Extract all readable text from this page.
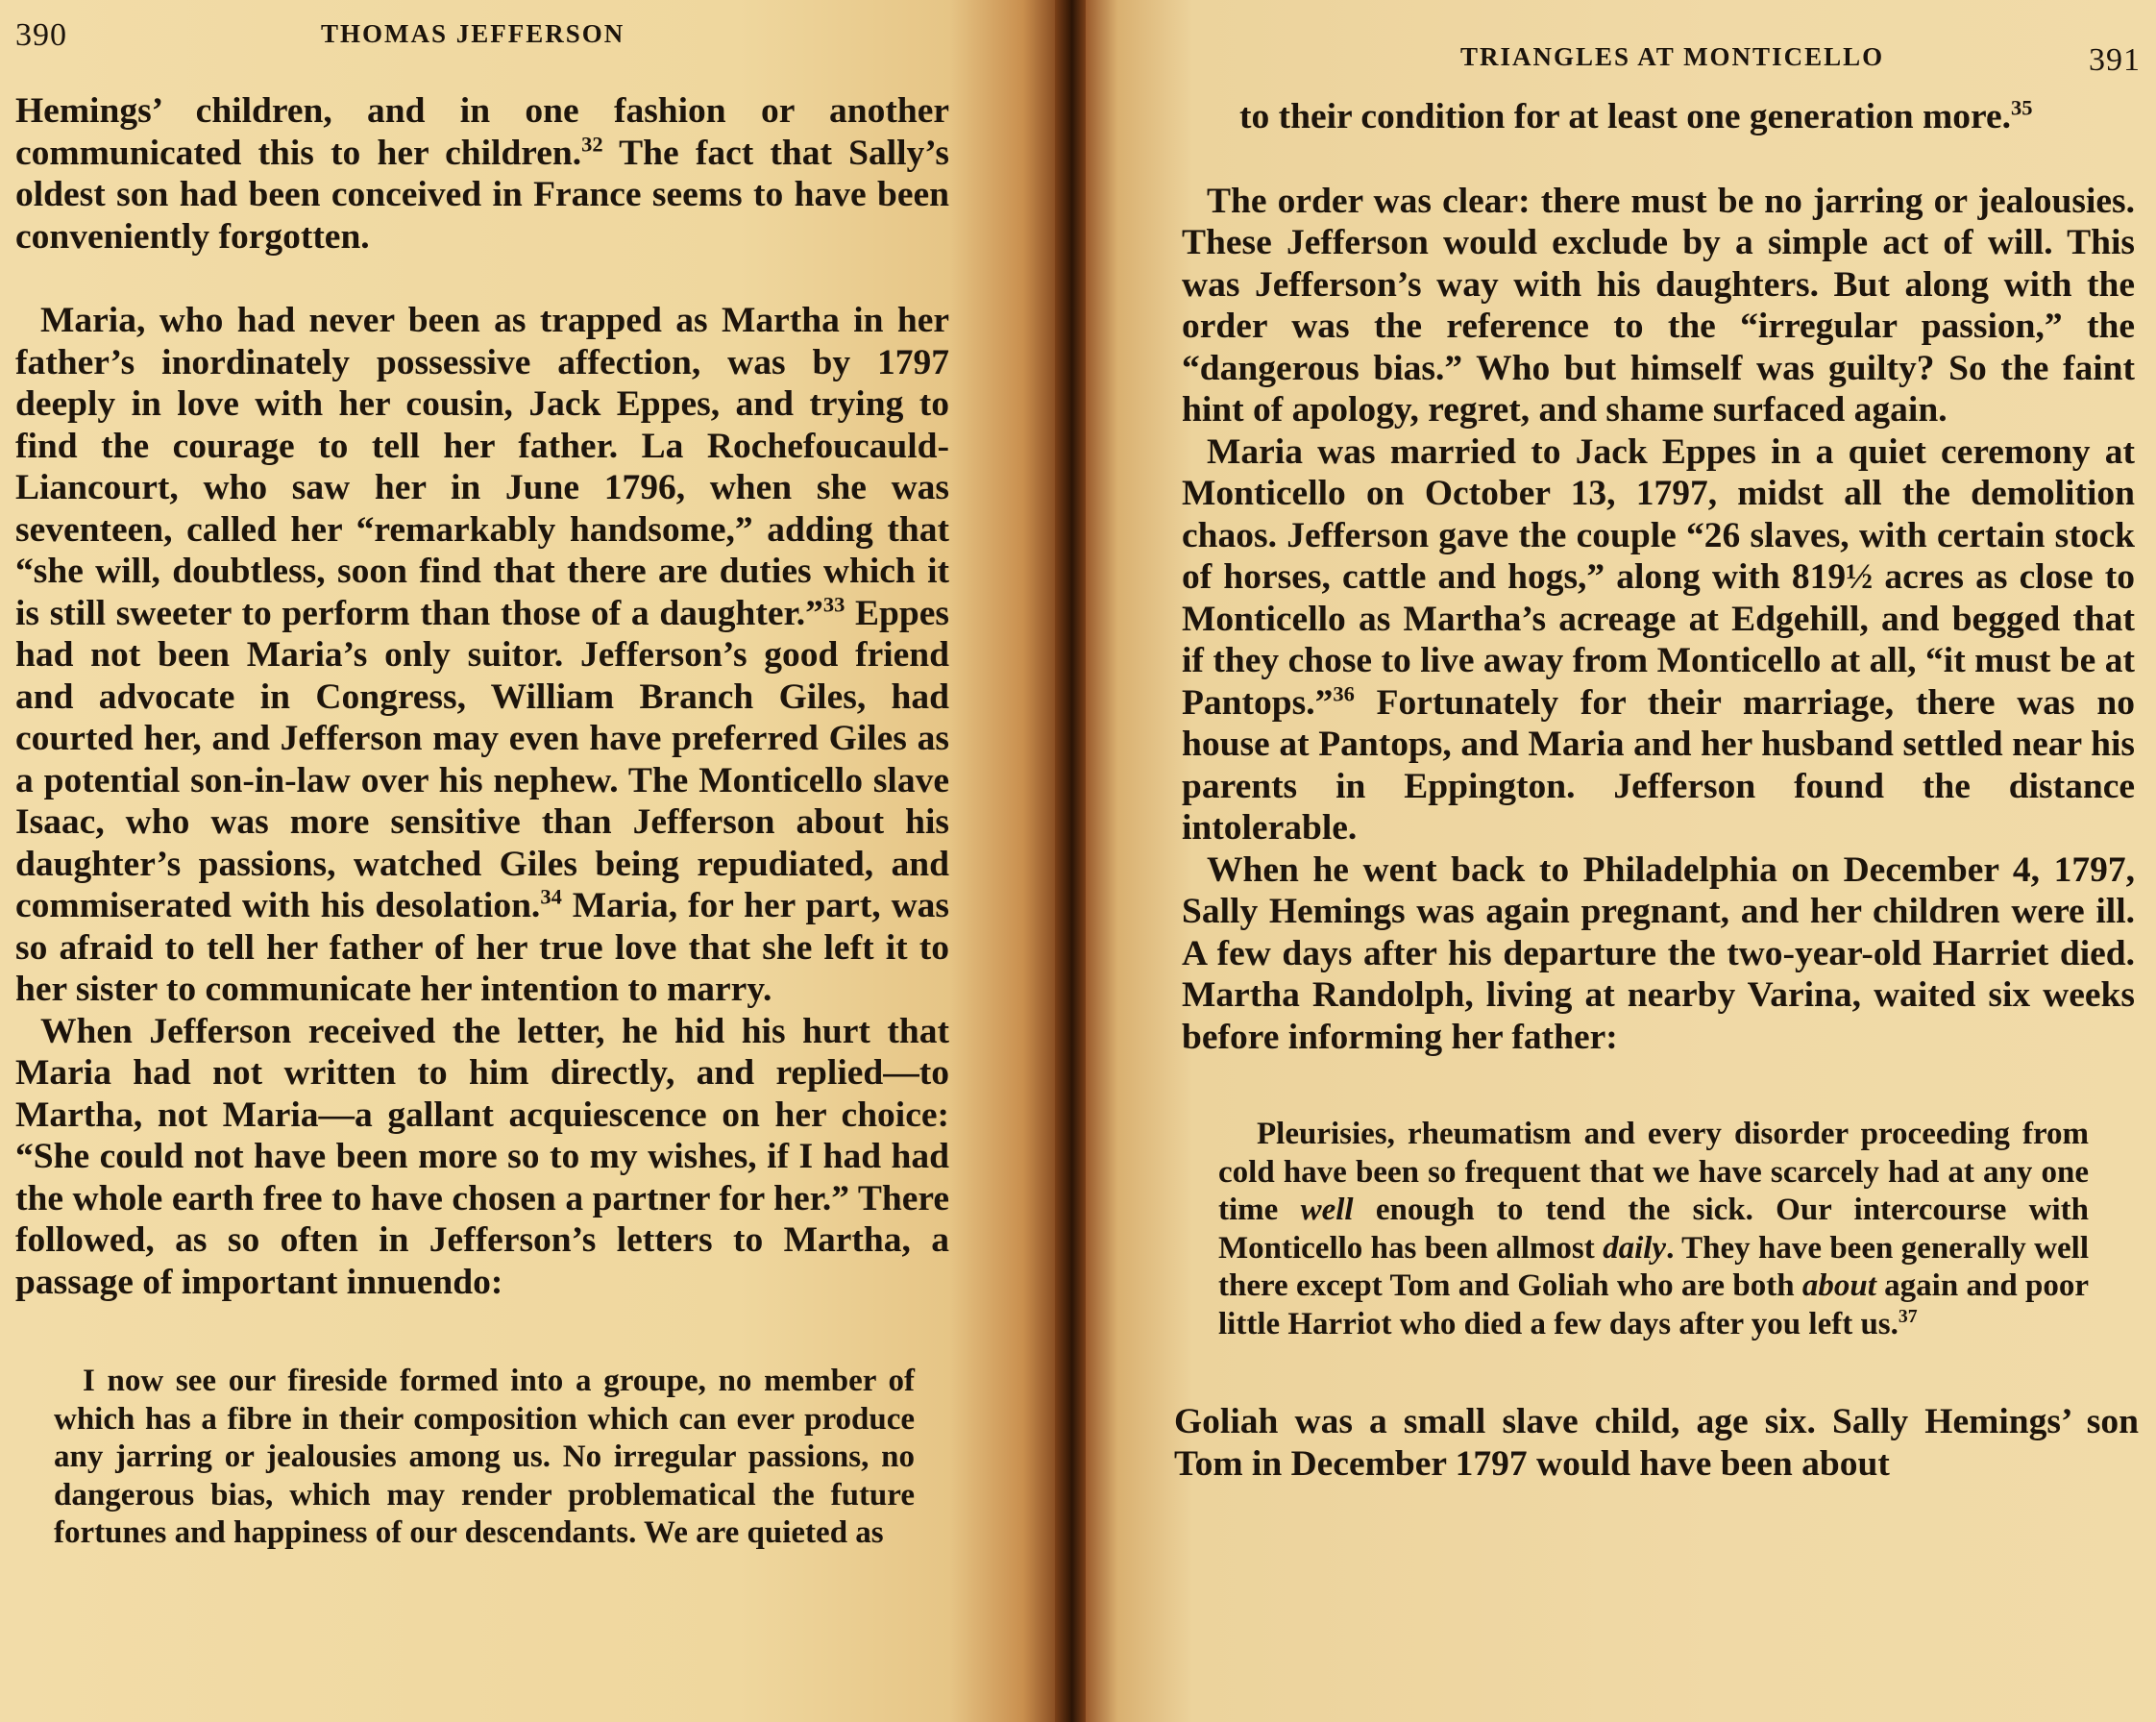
390	THOMAS JEFFERSON

Hemings’ children, and in one fashion or another communicated this to her children.$^{32}$ The fact that Sally’s oldest son had been conceived in France seems to have been conveniently forgotten.

Maria, who had never been as trapped as Martha in her father’s inordinately possessive affection, was by 1797 deeply in love with her cousin, Jack Eppes, and trying to find the courage to tell her father. La Rochefoucauld-Liancourt, who saw her in June 1796, when she was seventeen, called her “remarkably handsome,” adding that “she will, doubtless, soon find that there are duties which it is still sweeter to perform than those of a daughter.”$^{33}$ Eppes had not been Maria’s only suitor. Jefferson’s good friend and advocate in Congress, William Branch Giles, had courted her, and Jefferson may even have preferred Giles as a potential son-in-law over his nephew. The Monticello slave Isaac, who was more sensitive than Jefferson about his daughter’s passions, watched Giles being repudiated, and commiserated with his desolation.$^{34}$ Maria, for her part, was so afraid to tell her father of her true love that she left it to her sister to communicate her intention to marry.

When Jefferson received the letter, he hid his hurt that Maria had not written to him directly, and replied—to Martha, not Maria—a gallant acquiescence on her choice: “She could not have been more so to my wishes, if I had had the whole earth free to have chosen a partner for her.” There followed, as so often in Jefferson’s letters to Martha, a passage of important innuendo:

I now see our fireside formed into a groupe, no member of which has a fibre in their composition which can ever produce any jarring or jealousies among us. No irregular passions, no dangerous bias, which may render problematical the future fortunes and happiness of our descendants. We are quieted as
TRIANGLES AT MONTICELLO	391
to their condition for at least one generation more.$^{35}$

The order was clear: there must be no jarring or jealousies. These Jefferson would exclude by a simple act of will. This was Jefferson’s way with his daughters. But along with the order was the reference to the “irregular passion,” the “dangerous bias.” Who but himself was guilty? So the faint hint of apology, regret, and shame surfaced again.

Maria was married to Jack Eppes in a quiet ceremony at Monticello on October 13, 1797, midst all the demolition chaos. Jefferson gave the couple “26 slaves, with certain stock of horses, cattle and hogs,” along with 819½ acres as close to Monticello as Martha’s acreage at Edgehill, and begged that if they chose to live away from Monticello at all, “it must be at Pantops.”$^{36}$ Fortunately for their marriage, there was no house at Pantops, and Maria and her husband settled near his parents in Eppington. Jefferson found the distance intolerable.

When he went back to Philadelphia on December 4, 1797, Sally Hemings was again pregnant, and her children were ill. A few days after his departure the two-year-old Harriet died. Martha Randolph, living at nearby Varina, waited six weeks before informing her father:

Pleurisies, rheumatism and every disorder proceeding from cold have been so frequent that we have scarcely had at any one time well enough to tend the sick. Our intercourse with Monticello has been allmost daily. They have been generally well there except Tom and Goliah who are both about again and poor little Harriot who died a few days after you left us.$^{37}$
Goliah was a small slave child, age six. Sally Hemings’ son Tom in December 1797 would have been about
